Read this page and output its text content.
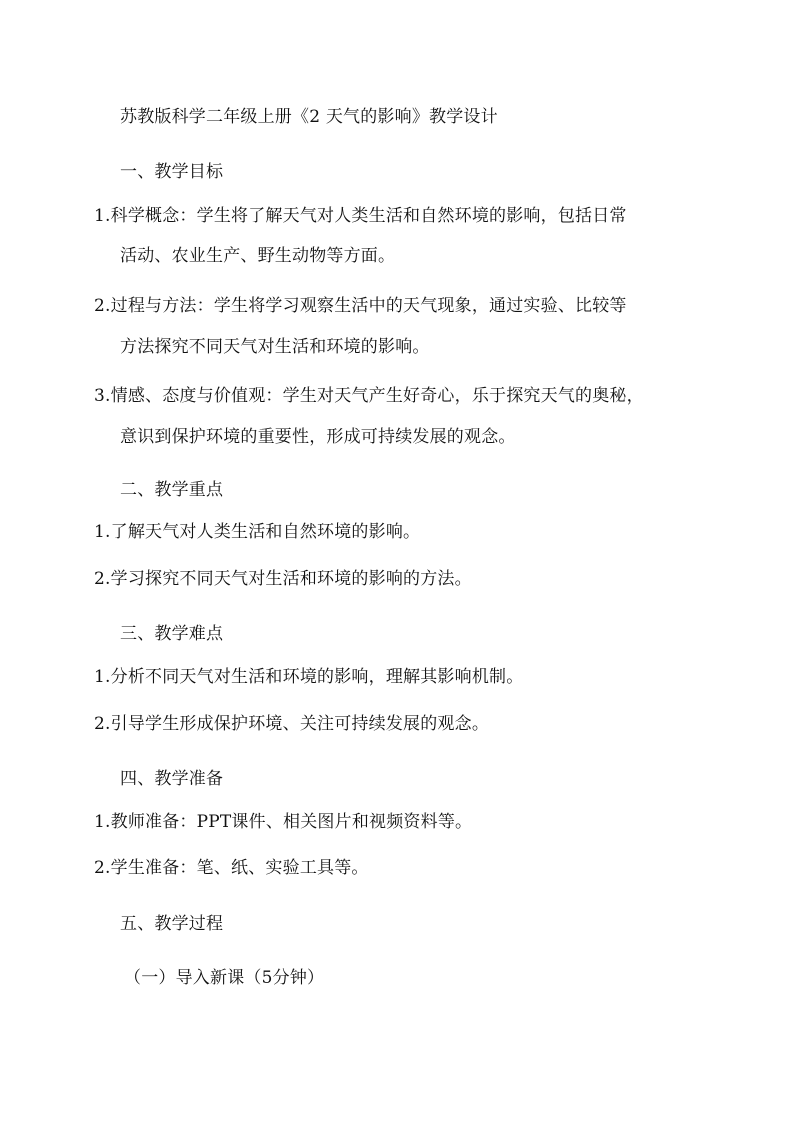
苏教版科学二年级上册《2 天气的影响》教学设计
一、教学目标
1.科学概念：学生将了解天气对人类生活和自然环境的影响，包括日常
活动、农业生产、野生动物等方面。
2.过程与方法：学生将学习观察生活中的天气现象，通过实验、比较等
方法探究不同天气对生活和环境的影响。
3.情感、态度与价值观：学生对天气产生好奇心，乐于探究天气的奥秘，
意识到保护环境的重要性，形成可持续发展的观念。
二、教学重点
1.了解天气对人类生活和自然环境的影响。
2.学习探究不同天气对生活和环境的影响的方法。
三、教学难点
1.分析不同天气对生活和环境的影响，理解其影响机制。
2.引导学生形成保护环境、关注可持续发展的观念。
四、教学准备
1.教师准备：PPT课件、相关图片和视频资料等。
2.学生准备：笔、纸、实验工具等。
五、教学过程
（一）导入新课（5分钟）
